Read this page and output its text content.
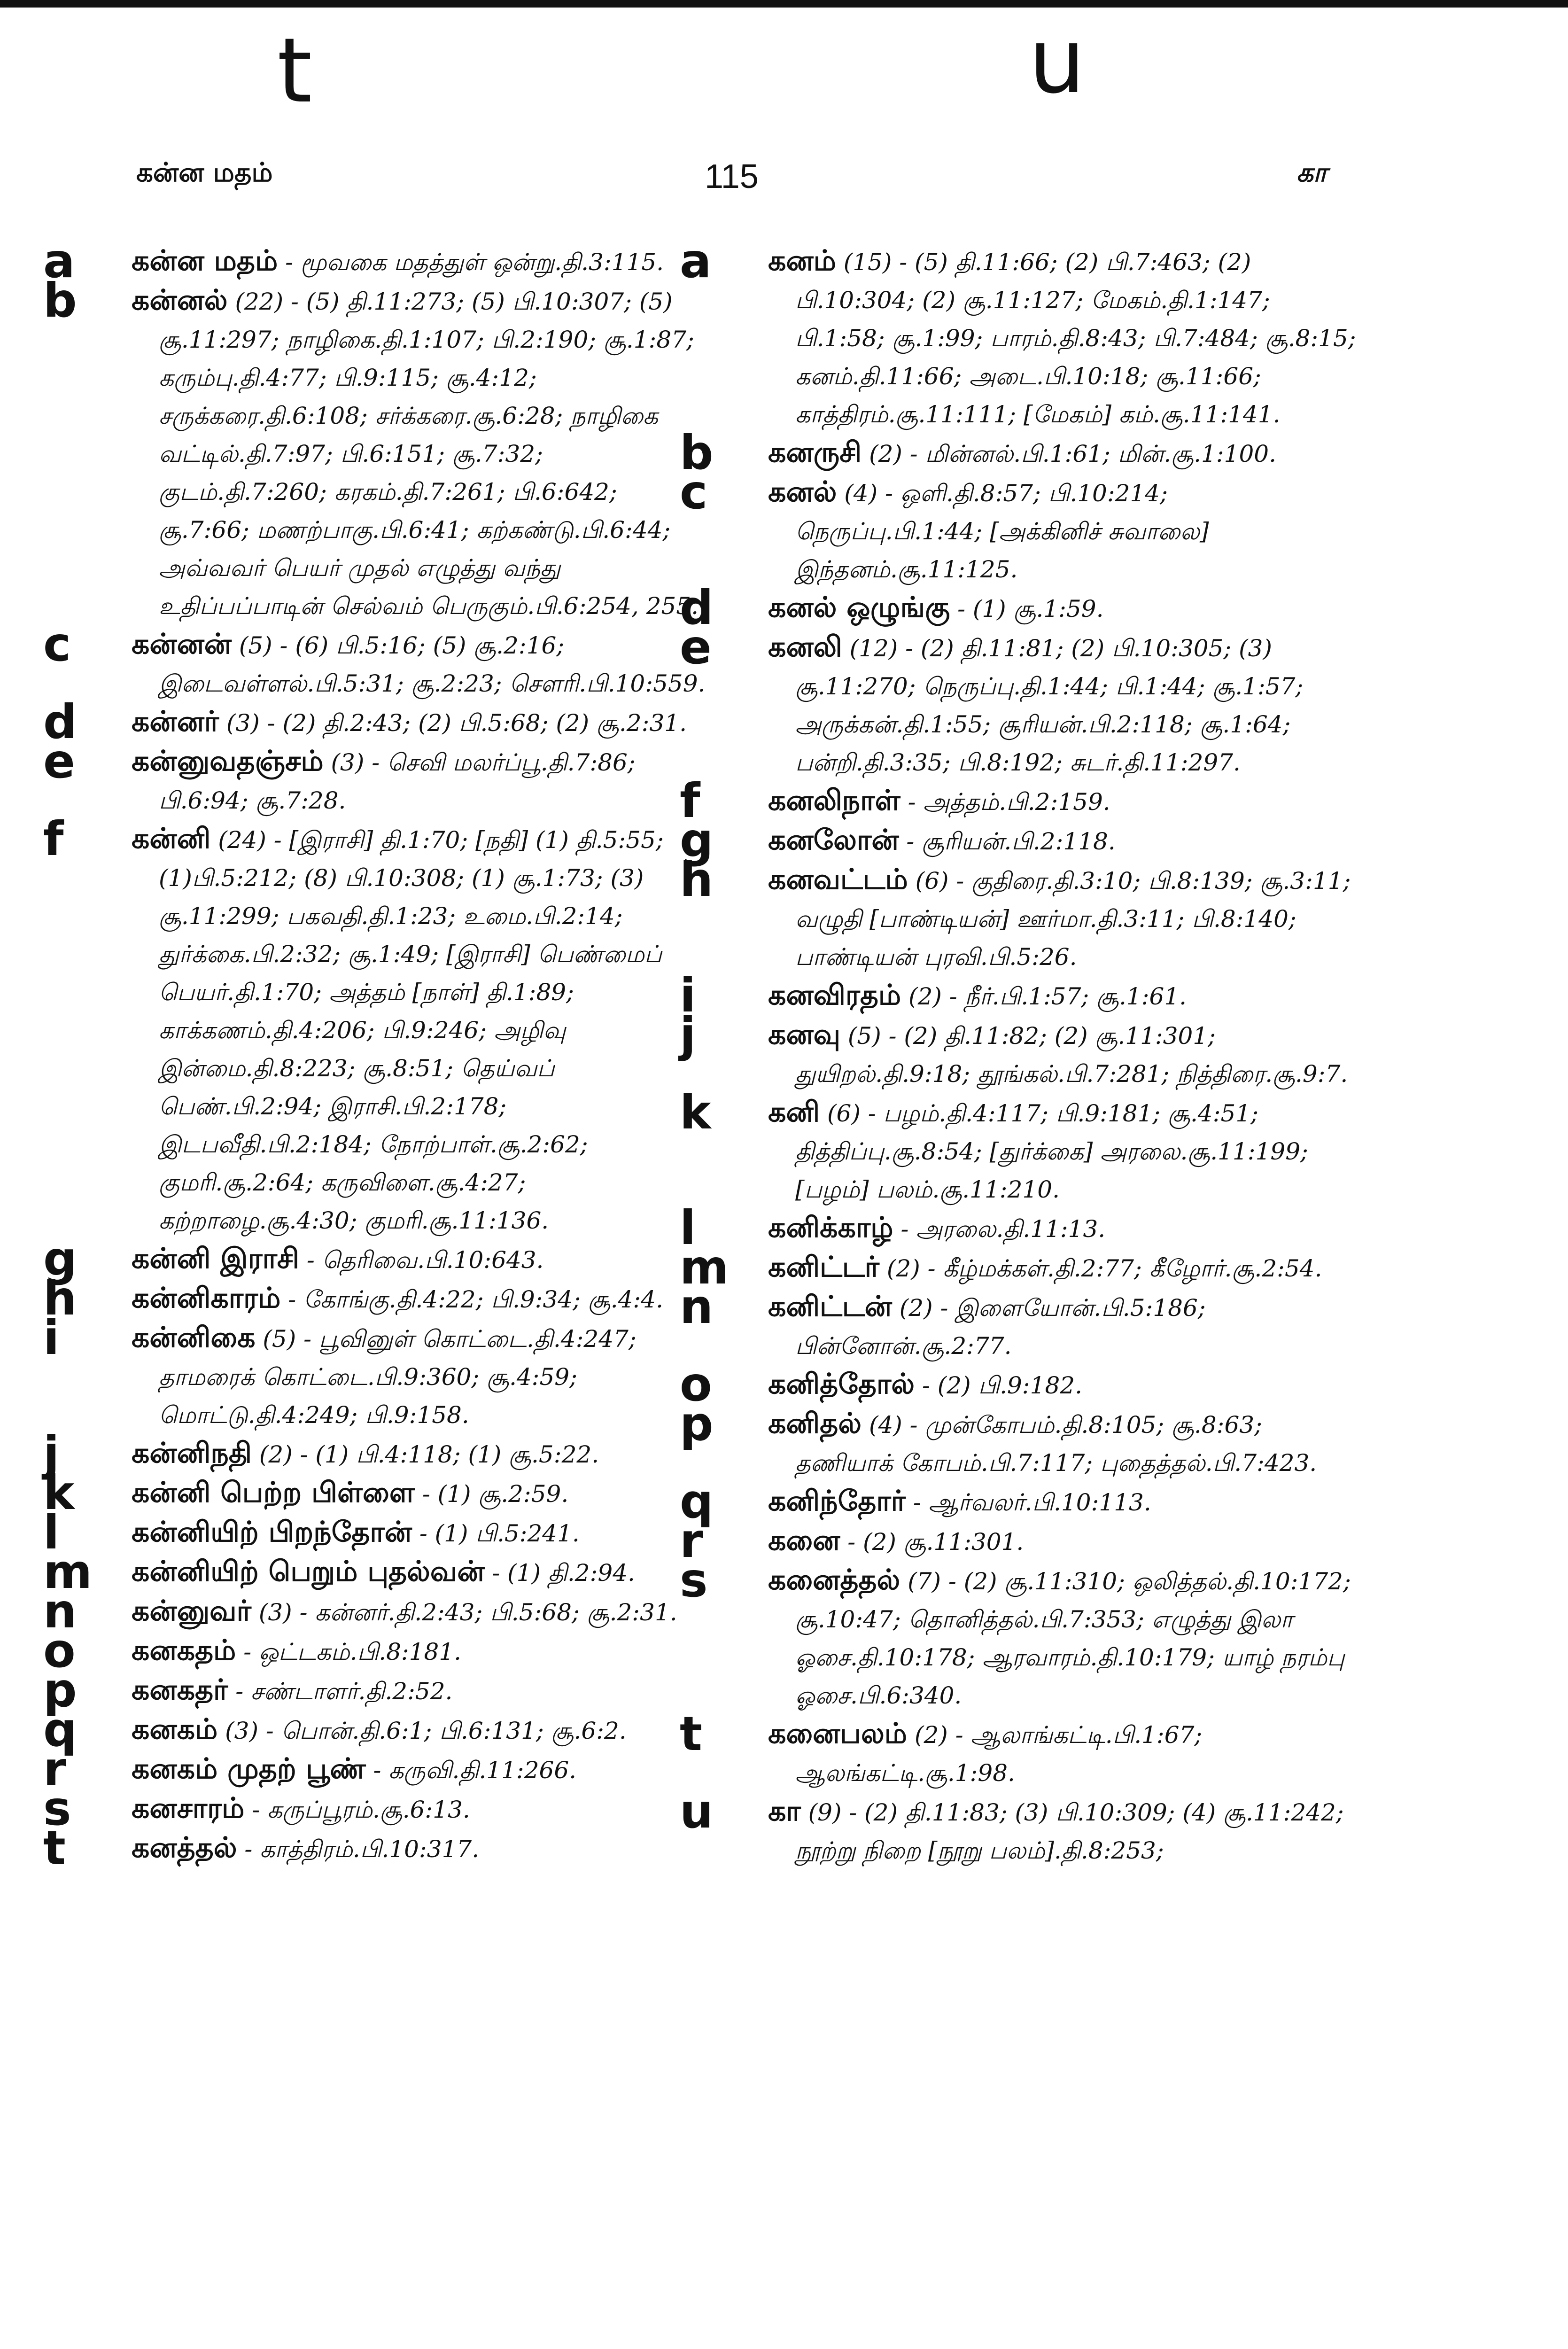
t	u
கன்ன மதம்	115	கா

a கன்ன மதம் - மூவகை மதத்துள் ஒன்று.தி.3:115.

b கன்னல் (22) - (5) தி.11:273; (5) பி.10:307; (5) சூ.11:297; நாழிகை.தி.1:107; பி.2:190; சூ.1:87; கரும்பு.தி.4:77; பி.9:115; சூ.4:12; சருக்கரை.தி.6:108; சர்க்கரை.சூ.6:28; நாழிகை வட்டில்.தி.7:97; பி.6:151; சூ.7:32; குடம்.தி.7:260; கரகம்.தி.7:261; பி.6:642; சூ.7:66; மணற்பாகு.பி.6:41; கற்கண்டு.பி.6:44; அவ்வவர் பெயர் முதல் எழுத்து வந்து உதிப்பப்பாடின் செல்வம் பெருகும்.பி.6:254, 255.

c கன்னன் (5) - (6) பி.5:16; (5) சூ.2:16; இடைவள்ளல்.பி.5:31; சூ.2:23; சௌரி.பி.10:559.

d கன்னர் (3) - (2) தி.2:43; (2) பி.5:68; (2) சூ.2:31.

e கன்னுவதஞ்சம் (3) - செவி மலர்ப்பூ.தி.7:86; பி.6:94; சூ.7:28.

f கன்னி (24) - [இராசி] தி.1:70; [நதி] (1) தி.5:55; (1)பி.5:212; (8) பி.10:308; (1) சூ.1:73; (3) சூ.11:299; பகவதி.தி.1:23; உமை.பி.2:14; துர்க்கை.பி.2:32; சூ.1:49; [இராசி] பெண்மைப் பெயர்.தி.1:70; அத்தம் [நாள்] தி.1:89; காக்கணம்.தி.4:206; பி.9:246; அழிவு இன்மை.தி.8:223; சூ.8:51; தெய்வப் பெண்.பி.2:94; இராசி.பி.2:178; இடபவீதி.பி.2:184; நோற்பாள்.சூ.2:62; குமரி.சூ.2:64; கருவிளை.சூ.4:27; கற்றாழை.சூ.4:30; குமரி.சூ.11:136.

g கன்னி இராசி - தெரிவை.பி.10:643.

h கன்னிகாரம் - கோங்கு.தி.4:22; பி.9:34; சூ.4:4.

i	கன்னிகை (5) - பூவினுள் கொட்டை.தி.4:247; தாமரைக் கொட்டை.பி.9:360; சூ.4:59; மொட்டு.தி.4:249; பி.9:158.

j	கன்னிநதி (2) - (1) பி.4:118; (1) சூ.5:22.

k கன்னி பெற்ற பிள்ளை - (1) சூ.2:59.

l	கன்னியிற் பிறந்தோன் - (1) பி.5:241.

m கன்னியிற் பெறும் புதல்வன் - (1) தி.2:94.

n கன்னுவர் (3) - கன்னர்.தி.2:43; பி.5:68; சூ.2:31.

o கனகதம் - ஒட்டகம்.பி.8:181.

p கனகதர் - சண்டாளர்.தி.2:52.

q கனகம் (3) - பொன்.தி.6:1; பி.6:131; சூ.6:2.

r கனகம் முதற் பூண் - கருவி.தி.11:266.

s கனசாரம் - கருப்பூரம்.சூ.6:13.

t கனத்தல் - காத்திரம்.பி.10:317.

a கனம் (15) - (5) தி.11:66; (2) பி.7:463; (2) பி.10:304; (2) சூ.11:127; மேகம்.தி.1:147; பி.1:58; சூ.1:99; பாரம்.தி.8:43; பி.7:484; சூ.8:15; கனம்.தி.11:66; அடை.பி.10:18; சூ.11:66; காத்திரம்.சூ.11:111; [மேகம்] கம்.சூ.11:141.

b கனருசி (2) - மின்னல்.பி.1:61; மின்.சூ.1:100.

c கனல் (4) - ஒளி.தி.8:57; பி.10:214; நெருப்பு.பி.1:44; [அக்கினிச் சுவாலை] இந்தனம்.சூ.11:125.

d கனல் ஒழுங்கு - (1) சூ.1:59.

e கனலி (12) - (2) தி.11:81; (2) பி.10:305; (3) சூ.11:270; நெருப்பு.தி.1:44; பி.1:44; சூ.1:57; அருக்கன்.தி.1:55; சூரியன்.பி.2:118; சூ.1:64; பன்றி.தி.3:35; பி.8:192; சுடர்.தி.11:297.

f கனலிநாள் - அத்தம்.பி.2:159.

g கனலோன் - சூரியன்.பி.2:118.

h கனவட்டம் (6) - குதிரை.தி.3:10; பி.8:139; சூ.3:11; வழுதி [பாண்டியன்] ஊர்மா.தி.3:11; பி.8:140; பாண்டியன் புரவி.பி.5:26.

i	கனவிரதம் (2) - நீர்.பி.1:57; சூ.1:61.

j	கனவு (5) - (2) தி.11:82; (2) சூ.11:301; துயிறல்.தி.9:18; தூங்கல்.பி.7:281; நித்திரை.சூ.9:7.

k கனி (6) - பழம்.தி.4:117; பி.9:181; சூ.4:51; தித்திப்பு.சூ.8:54; [துர்க்கை] அரலை.சூ.11:199; [பழம்] பலம்.சூ.11:210.

l	கனிக்காழ் - அரலை.தி.11:13.

m கனிட்டர் (2) - கீழ்மக்கள்.தி.2:77; கீழோர்.சூ.2:54.

n கனிட்டன் (2) - இளையோன்.பி.5:186; பின்னோன்.சூ.2:77.

o கனித்தோல் - (2) பி.9:182.

p கனிதல் (4) - முன்கோபம்.தி.8:105; சூ.8:63; தணியாக் கோபம்.பி.7:117; புதைத்தல்.பி.7:423.

q கனிந்தோர் - ஆர்வலர்.பி.10:113.

r கனை - (2) சூ.11:301.

s கனைத்தல் (7) - (2) சூ.11:310; ஒலித்தல்.தி.10:172; சூ.10:47; தொனித்தல்.பி.7:353; எழுத்து இலா ஓசை.தி.10:178; ஆரவாரம்.தி.10:179; யாழ் நரம்பு ஓசை.பி.6:340.

t கனைபலம் (2) - ஆலாங்கட்டி.பி.1:67; ஆலங்கட்டி.சூ.1:98.

u கா (9) - (2) தி.11:83; (3) பி.10:309; (4) சூ.11:242; நூற்று நிறை [நூறு பலம்].தி.8:253;
